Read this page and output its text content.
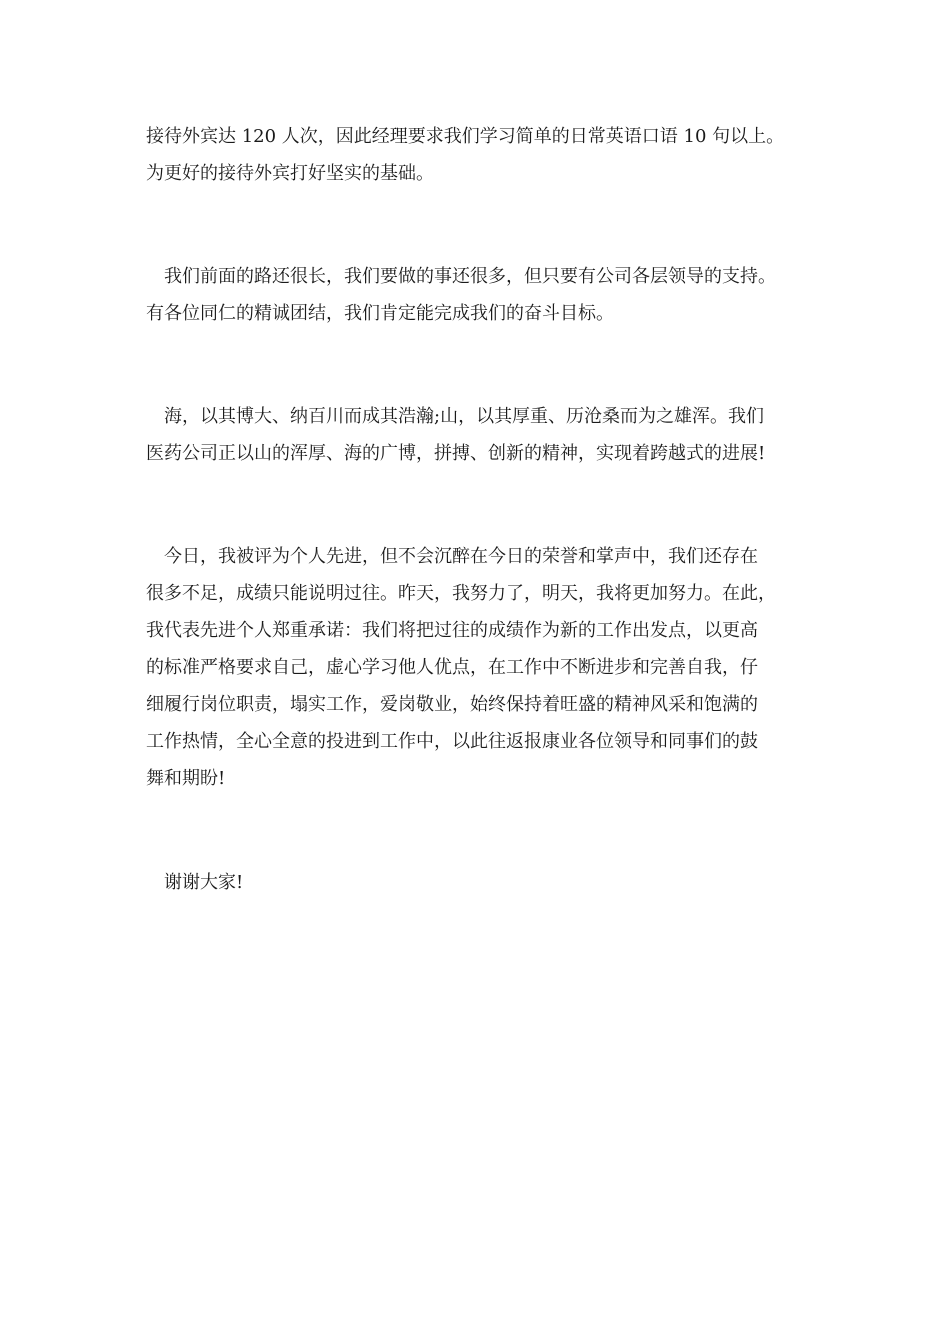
接待外宾达 120 人次，因此经理要求我们学习简单的日常英语口语 10 句以上。
为更好的接待外宾打好坚实的基础。
我们前面的路还很长，我们要做的事还很多，但只要有公司各层领导的支持。
有各位同仁的精诚团结，我们肯定能完成我们的奋斗目标。
海，以其博大、纳百川而成其浩瀚;山，以其厚重、历沧桑而为之雄浑。我们
医药公司正以山的浑厚、海的广博，拼搏、创新的精神，实现着跨越式的进展!
今日，我被评为个人先进，但不会沉醉在今日的荣誉和掌声中，我们还存在
很多不足，成绩只能说明过往。昨天，我努力了，明天，我将更加努力。在此，
我代表先进个人郑重承诺：我们将把过往的成绩作为新的工作出发点，以更高
的标准严格要求自己，虚心学习他人优点，在工作中不断进步和完善自我，仔
细履行岗位职责，塌实工作，爱岗敬业，始终保持着旺盛的精神风采和饱满的
工作热情，全心全意的投进到工作中，以此往返报康业各位领导和同事们的鼓
舞和期盼!
谢谢大家!
